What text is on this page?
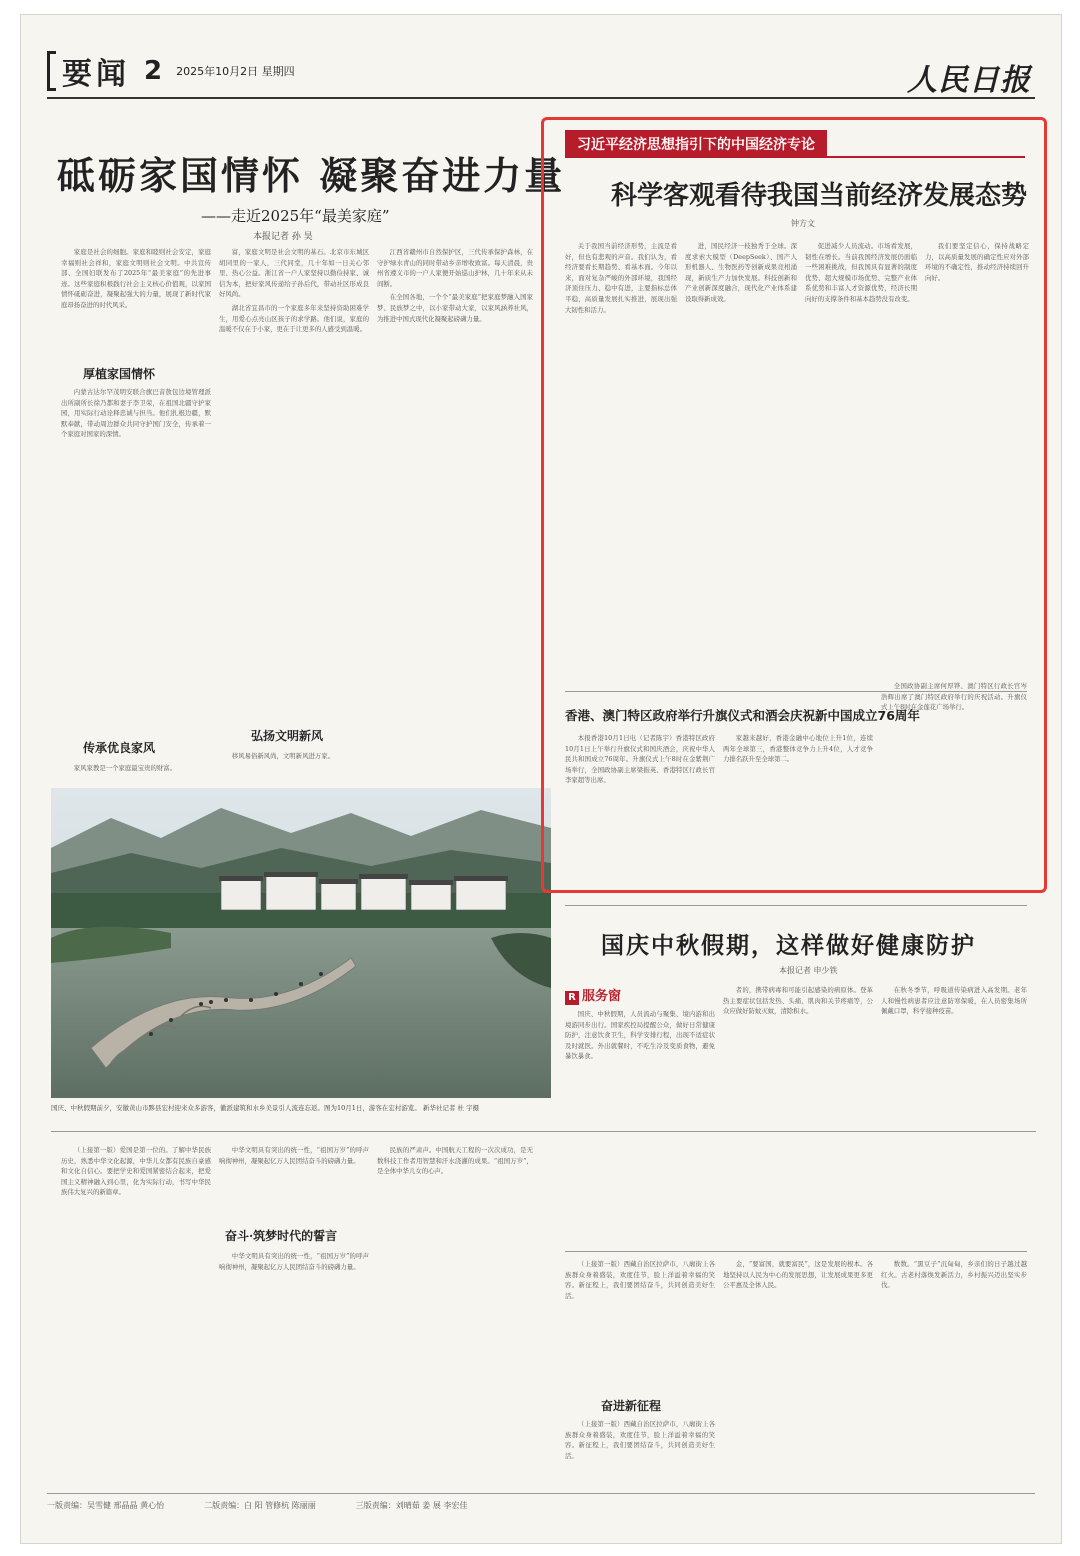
要闻 2 2025年10月2日 星期四	人民日报
砥砺家国情怀 凝聚奋进力量
——走近2025年“最美家庭”
本报记者 孙 昊

家庭是社会的细胞。家庭和睦则社会安定，家庭幸福则社会祥和，家庭文明则社会文明。中共宣传部、全国妇联发布了2025年“最美家庭”的先进事迹。这些家庭积极践行社会主义核心价值观，以家国情怀砥砺奋进，凝聚起强大的力量，展现了新时代家庭昂扬奋进的时代风采。

厚植家国情怀

内蒙古达尔罕茂明安联合旗巴音敖包边境管理派出所副所长徐乃都和妻子李卫荣，在祖国北疆守护家园，用实际行动诠释忠诚与担当。他们扎根边疆，默默奉献，带动周边群众共同守护国门安全，传承着一个家庭对国家的深情。

传承优良家风

家风家教是一个家庭最宝贵的财富。

富，家庭文明是社会文明的基石。北京市东城区胡同里的一家人，三代同堂，几十年如一日关心邻里、热心公益。浙江省一户人家坚持以勤俭持家、诚信为本，把好家风传递给子孙后代，带动社区形成良好风尚。

湖北省宜昌市的一个家庭多年来坚持资助困难学生，用爱心点亮山区孩子的求学路。他们说，家庭的温暖不仅在于小家，更在于让更多的人感受到温暖。

弘扬文明新风

移风易俗新风尚，文明新风进万家。

江西省赣州市自然保护区，三代传承保护森林，在守护绿水青山的同时带动乡亲增收致富。每天清晨，贵州省遵义市的一户人家便开始巡山护林，几十年来从未间断。

在全国各地，一个个“最美家庭”把家庭梦融入国家梦、民族梦之中，以小家带动大家，以家风涵养社风，为推进中国式现代化凝聚起磅礴力量。

国庆、中秋假期前夕，安徽黄山市黟县宏村迎来众多游客，徽派建筑和水乡美景引人流连忘返。图为10月1日，游客在宏村游览。 新华社记者 杜 宇摄
习近平经济思想指引下的中国经济专论
科学客观看待我国当前经济发展态势
钟方文

关于我国当前经济形势，主流是看好，但也有悲观的声音。我们认为，看经济要看长期趋势、看基本面。今年以来，面对复杂严峻的外部环境，我国经济顶住压力、稳中有进，主要指标总体平稳，高质量发展扎实推进，展现出强大韧性和活力。

进，国民经济一枝独秀于全球。深度求索大模型（DeepSeek）、国产人形机器人、生物医药等创新成果竞相涌现，新质生产力加快发展。科技创新和产业创新深度融合，现代化产业体系建设取得新成效。

促进减少人员流动。市场看发展，韧性在增长。当前我国经济发展仍面临一些困难挑战，但我国具有显著的制度优势、超大规模市场优势、完整产业体系优势和丰富人才资源优势，经济长期向好的支撑条件和基本趋势没有改变。

我们要坚定信心，保持战略定力，以高质量发展的确定性应对外部环境的不确定性，推动经济持续回升向好。

香港、澳门特区政府举行升旗仪式和酒会庆祝新中国成立76周年

本报香港10月1日电（记者陈宇）香港特区政府10月1日上午举行升旗仪式和国庆酒会，庆祝中华人民共和国成立76周年。升旗仪式上午8时在金紫荆广场举行，全国政协副主席梁振英、香港特区行政长官李家超等出席。

家越来越好，香港金融中心地位上升1位，连续两年全球第三，香港整体竞争力上升4位，人才竞争力排名跃升至全球第二。

全国政协副主席何厚铧、澳门特区行政长官岑浩辉出席了澳门特区政府举行的庆祝活动。升旗仪式上午8时在金莲花广场举行。

国庆中秋假期，这样做好健康防护
本报记者 申少铁
R 服务窗

国庆、中秋假期，人员流动与聚集、境内游和出境游同步出行。国家疾控局提醒公众，做好日常健康防护，注意饮食卫生，科学安排行程，出现不适症状及时就医。外出就餐时，不吃生冷及变质食物，避免暴饮暴食。

者的，携带病毒和可能引起感染的病原体。登革热主要症状包括发热、头痛、肌肉和关节疼痛等，公众应做好防蚊灭蚊，清除积水。

在秋冬季节，呼吸道传染病进入高发期。老年人和慢性病患者应注意防寒保暖，在人员密集场所佩戴口罩，科学接种疫苗。

（上接第一版）爱国是第一位的。了解中华民族历史，熟悉中华文化起源，中华儿女都有民族自豪感和文化自信心。要把学史和爱国紧密结合起来，把爱国主义精神融入到心里，化为实际行动，书写中华民族伟大复兴的新篇章。

中华文明具有突出的统一性，“祖国万岁”的呼声响彻神州，凝聚起亿万人民团结奋斗的磅礴力量。

奋斗·筑梦时代的誓言

中华文明具有突出的统一性，“祖国万岁”的呼声响彻神州，凝聚起亿万人民团结奋斗的磅礴力量。

民族的严肃声。中国航天工程的一次次成功，是无数科技工作者用智慧和汗水浇灌的成果。“祖国万岁”，是全体中华儿女的心声。

（上接第一版）西藏自治区拉萨市，八廓街上各族群众身着盛装，欢度佳节，脸上洋溢着幸福的笑容。新征程上，我们要团结奋斗，共同创造美好生活。

奋进新征程

（上接第一版）西藏自治区拉萨市，八廓街上各族群众身着盛装，欢度佳节，脸上洋溢着幸福的笑容。新征程上，我们要团结奋斗，共同创造美好生活。

金，“要富国，就要富民”，这是发展的根本。各地坚持以人民为中心的发展思想，让发展成果更多更公平惠及全体人民。

数数。“黑豆子”沉甸甸，乡亲们的日子越过越红火。古老村落焕发新活力，乡村振兴迈出坚实步伐。

一版责编：吴雪健 邢晶晶 黄心怡	二版责编：白 阳 管修杭 陈丽丽	三版责编：刘晴茹 姜 展 李宏佳
